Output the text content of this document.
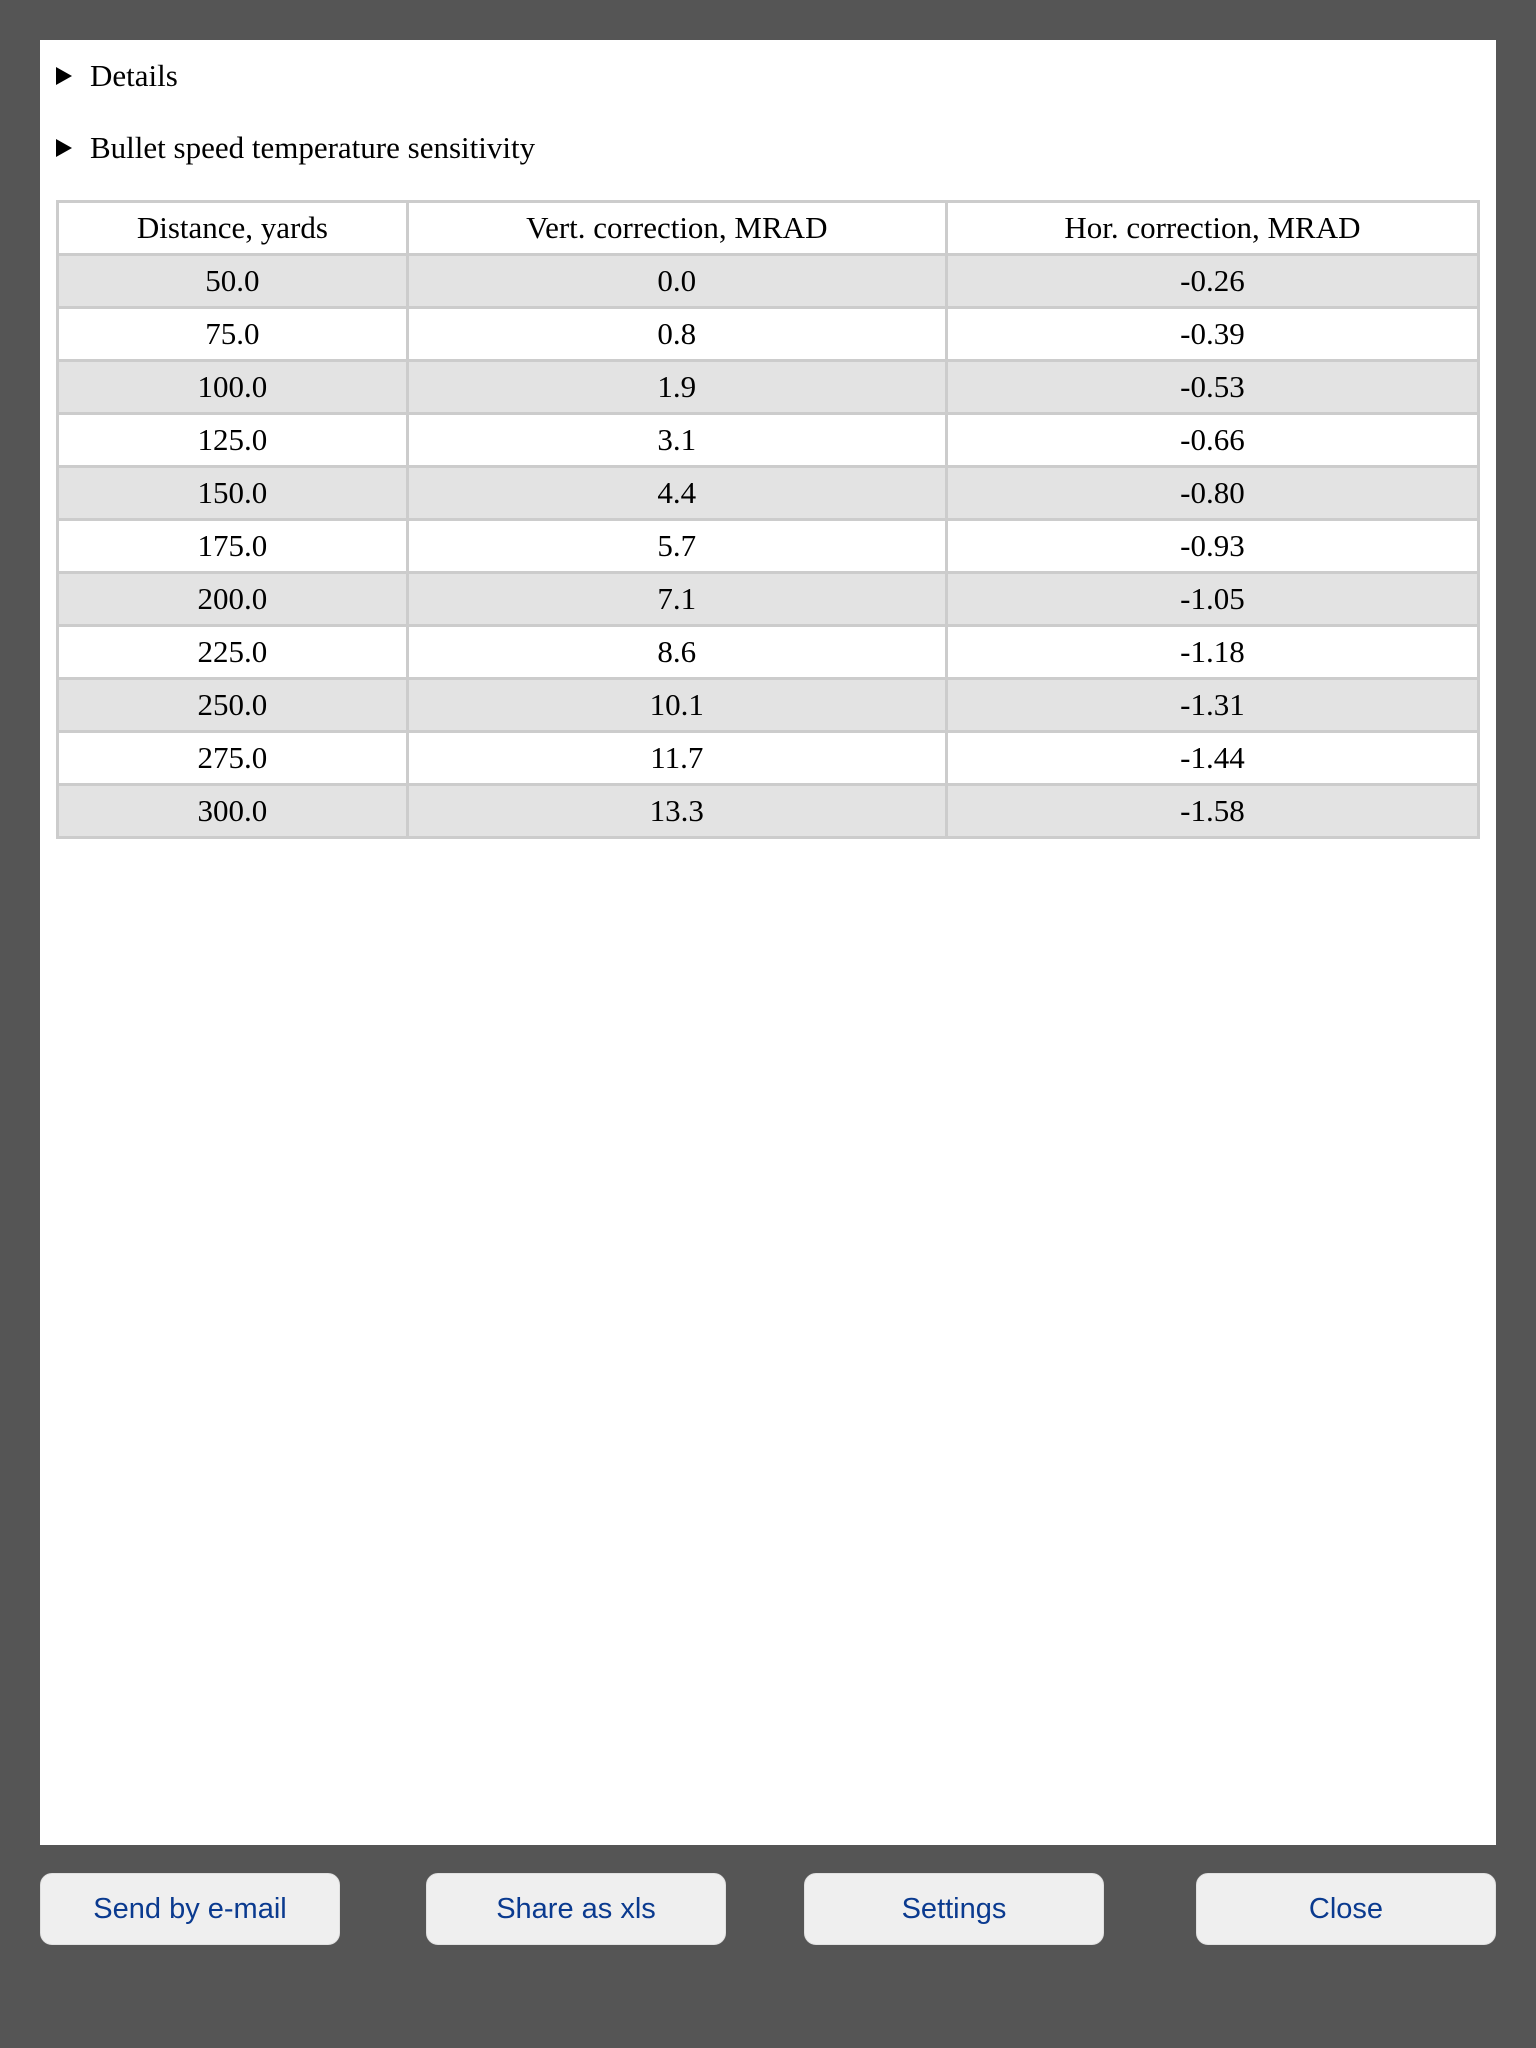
Details
Bullet speed temperature sensitivity
Distance, yards	Vert. correction, MRAD	Hor. correction, MRAD
50.0	0.0	-0.26
75.0	0.8	-0.39
100.0	1.9	-0.53
125.0	3.1	-0.66
150.0	4.4	-0.80
175.0	5.7	-0.93
200.0	7.1	-1.05
225.0	8.6	-1.18
250.0	10.1	-1.31
275.0	11.7	-1.44
300.0	13.3	-1.58
Send by e-mail	Share as xls	Settings	Close
